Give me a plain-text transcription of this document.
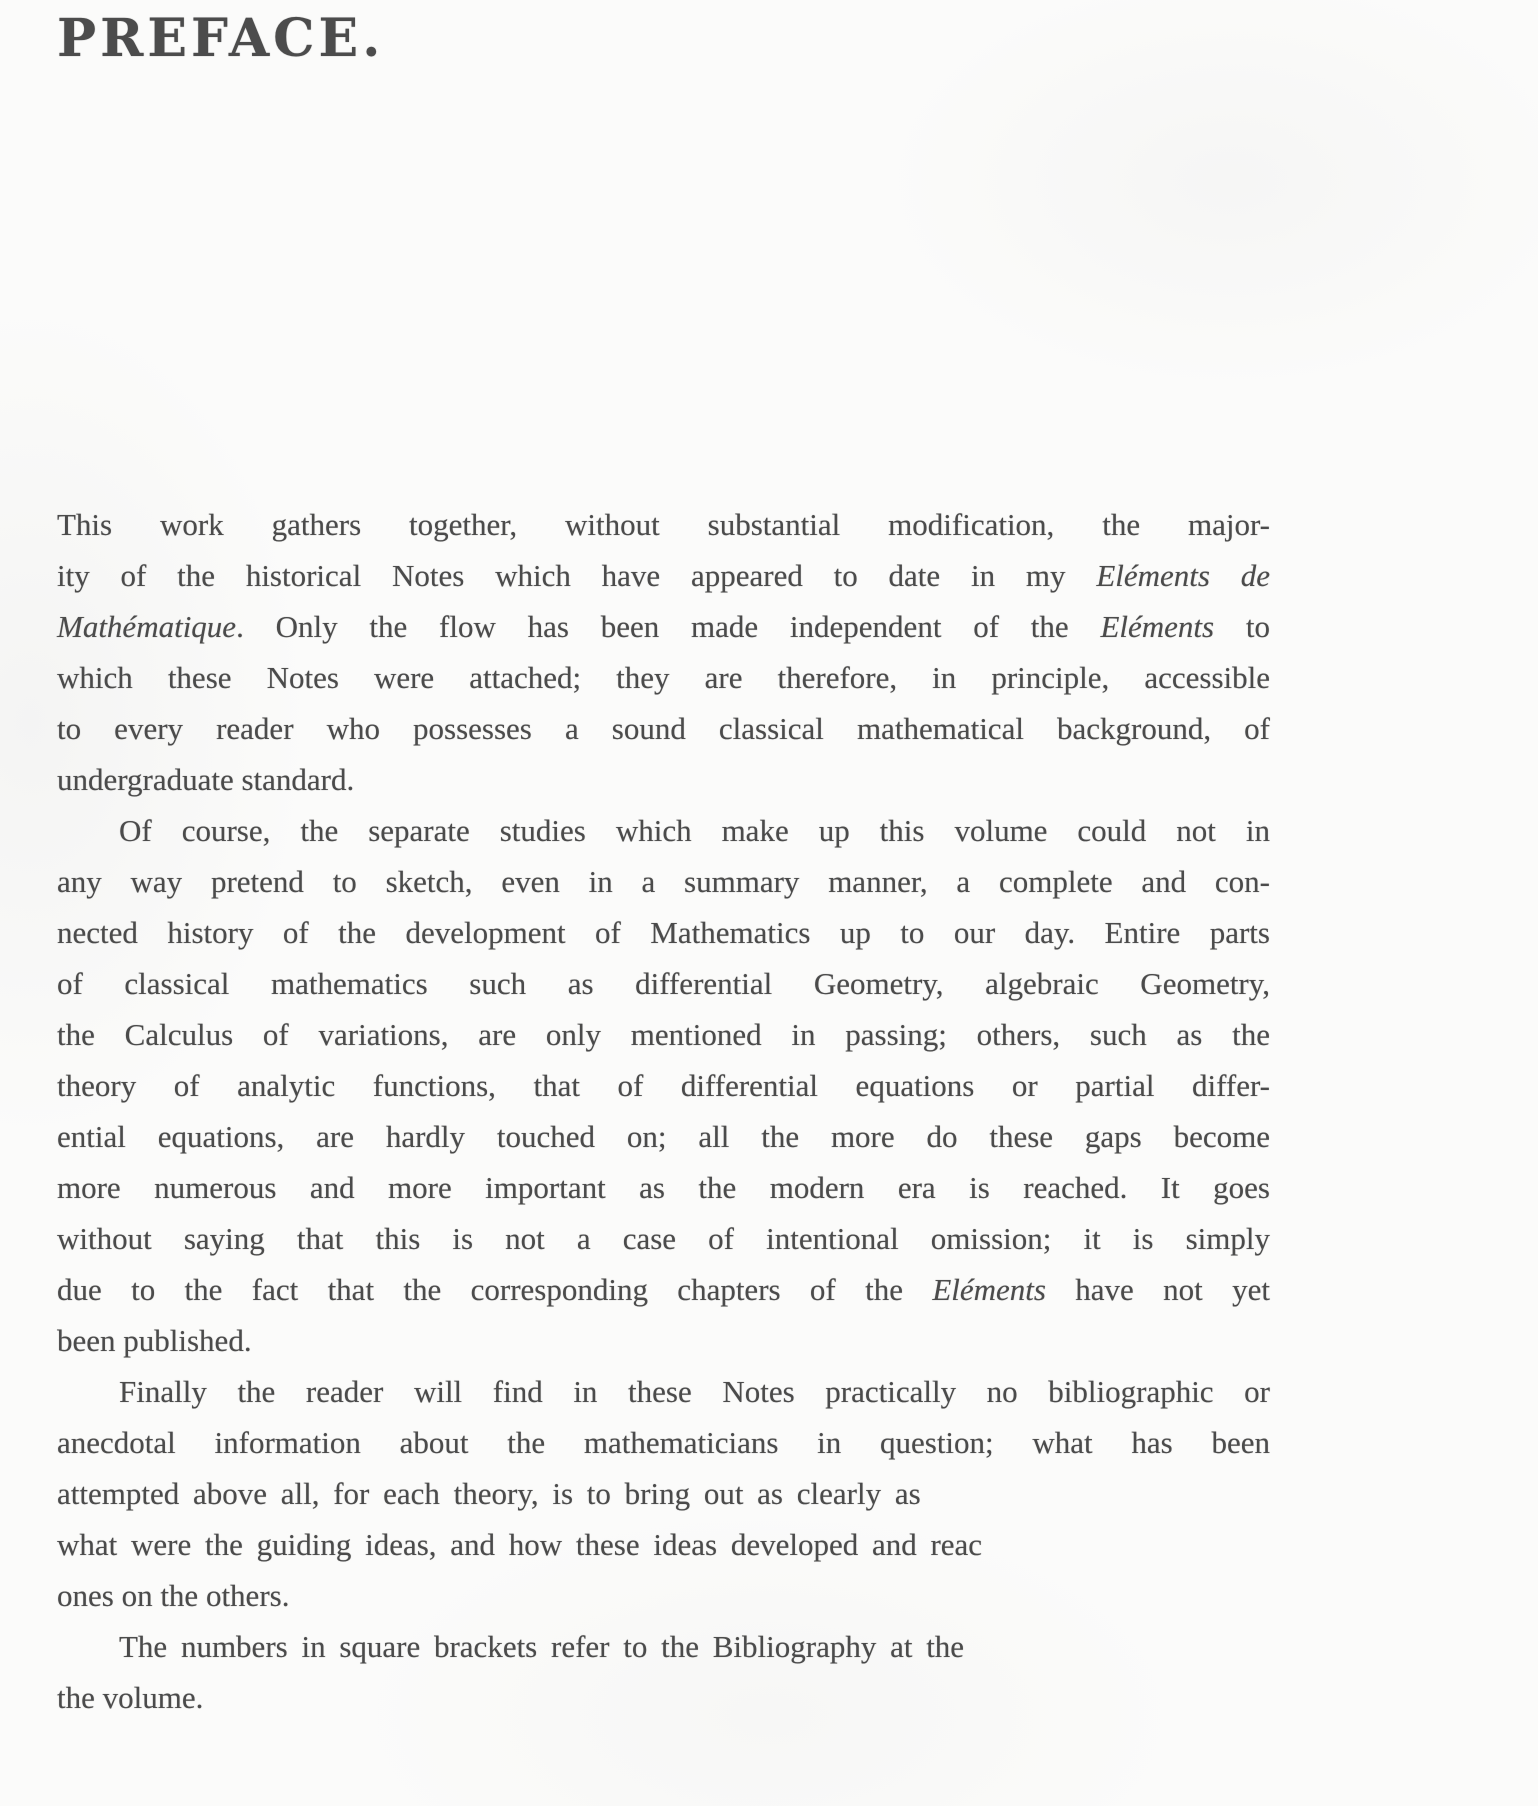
PREFACE.
This work gathers together, without substantial modification, the major-
ity of the historical Notes which have appeared to date in my Eléments de
Mathématique. Only the flow has been made independent of the Eléments to
which these Notes were attached; they are therefore, in principle, accessible
to every reader who possesses a sound classical mathematical background, of
undergraduate standard.
Of course, the separate studies which make up this volume could not in
any way pretend to sketch, even in a summary manner, a complete and con-
nected history of the development of Mathematics up to our day. Entire parts
of classical mathematics such as differential Geometry, algebraic Geometry,
the Calculus of variations, are only mentioned in passing; others, such as the
theory of analytic functions, that of differential equations or partial differ-
ential equations, are hardly touched on; all the more do these gaps become
more numerous and more important as the modern era is reached. It goes
without saying that this is not a case of intentional omission; it is simply
due to the fact that the corresponding chapters of the Eléments have not yet
been published.
Finally the reader will find in these Notes practically no bibliographic or
anecdotal information about the mathematicians in question; what has been
attempted above all, for each theory, is to bring out as clearly as
what were the guiding ideas, and how these ideas developed and reac
ones on the others.
The numbers in square brackets refer to the Bibliography at the
the volume.
